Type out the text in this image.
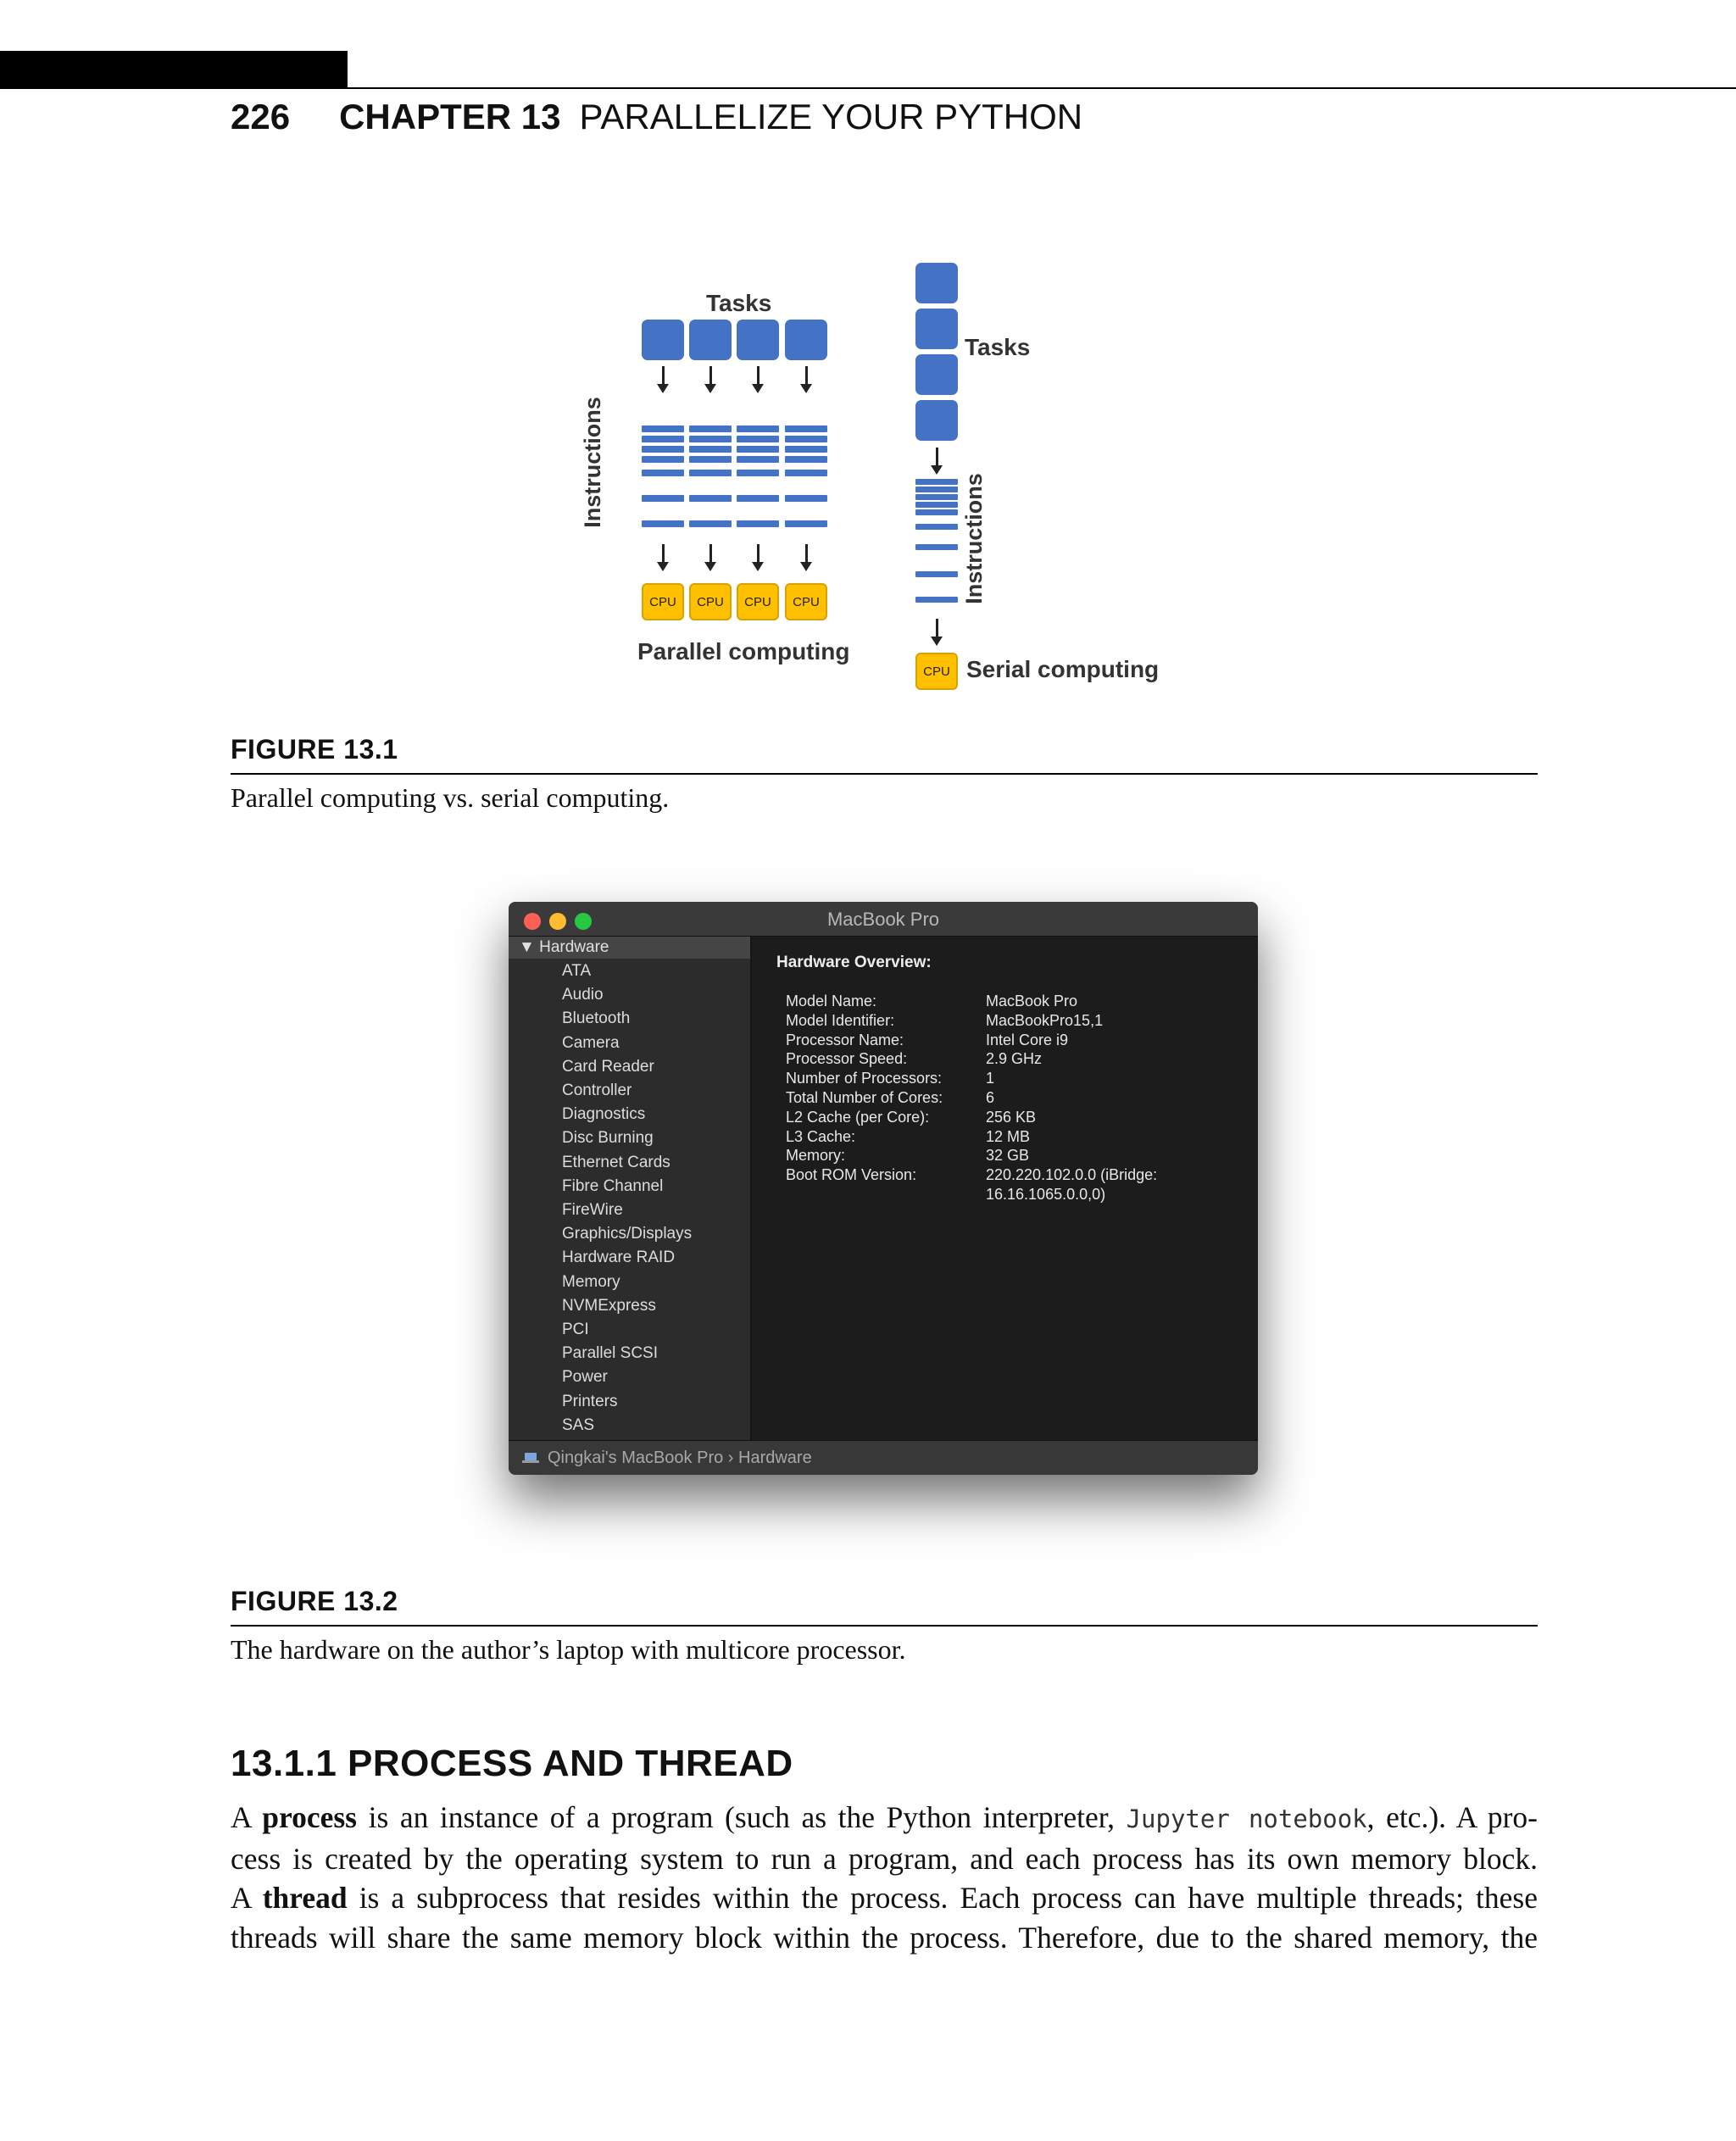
226 CHAPTER 13 PARALLELIZE YOUR PYTHON
Tasks
Instructions
CPU	CPU	CPU	CPU
Parallel computing
Tasks
Instructions
CPU Serial computing
FIGURE 13.1
Parallel computing vs. serial computing.
MacBook Pro
▼ Hardware
ATA
Audio
Bluetooth
Camera
Card Reader
Controller
Diagnostics
Disc Burning
Ethernet Cards
Fibre Channel
FireWire
Graphics/Displays
Hardware RAID
Memory
NVMExpress
PCI
Parallel SCSI
Power
Printers
SAS
Hardware Overview:
Model Name:	MacBook Pro
Model Identifier:	MacBookPro15,1
Processor Name:	Intel Core i9
Processor Speed:	2.9 GHz
Number of Processors:	1
Total Number of Cores:	6
L2 Cache (per Core):	256 KB
L3 Cache:	12 MB
Memory:	32 GB
Boot ROM Version:	220.220.102.0.0 (iBridge:
16.16.1065.0.0,0)
Qingkai's MacBook Pro › Hardware
FIGURE 13.2
The hardware on the author’s laptop with multicore processor.
13.1.1 PROCESS AND THREAD
A process is an instance of a program (such as the Python interpreter, Jupyter notebook, etc.). A pro-
cess is created by the operating system to run a program, and each process has its own memory block.
A thread is a subprocess that resides within the process. Each process can have multiple threads; these
threads will share the same memory block within the process. Therefore, due to the shared memory, the
